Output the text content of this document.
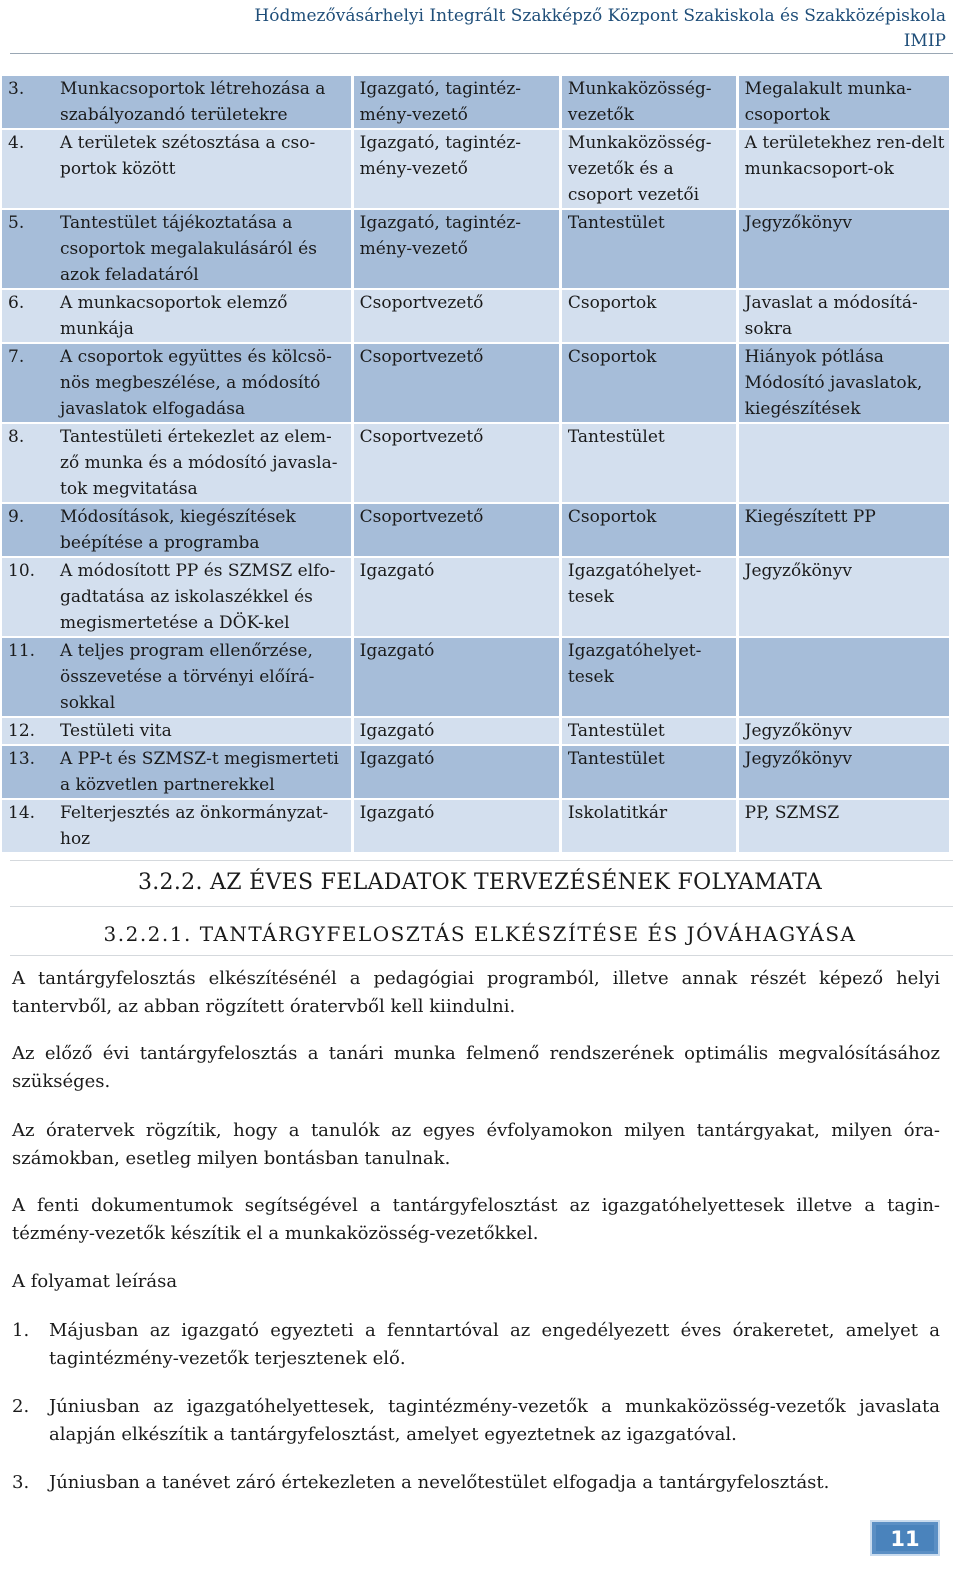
Hódmezővásárhelyi Integrált Szakképző Központ Szakiskola és Szakközépiskola
IMIP
3. Munkacsoportok létrehozása a szabályozandó területekre	Igazgató, tagintéz-mény-vezető	Munkaközösség-vezetők	Megalakult munka-csoportok

4. A területek szétosztása a cso-portok között	Igazgató, tagintéz-mény-vezető	Munkaközösség-vezetők és a csoport vezetői	A területekhez ren-delt munkacsoport-ok

5. Tantestület tájékoztatása a csoportok megalakulásáról és azok feladatáról	Igazgató, tagintéz-mény-vezető	Tantestület	Jegyzőkönyv

6. A munkacsoportok elemző munkája	Csoportvezető	Csoportok	Javaslat a módosítá-sokra

7. A csoportok együttes és kölcsö-nös megbeszélése, a módosító javaslatok elfogadása	Csoportvezető	Csoportok	Hiányok pótlása Módosító javaslatok, kiegészítések

8. Tantestületi értekezlet az elem-ző munka és a módosító javasla-tok megvitatása	Csoportvezető	Tantestület	

9. Módosítások, kiegészítések beépítése a programba	Csoportvezető	Csoportok	Kiegészített PP

10. A módosított PP és SZMSZ elfo-gadtatása az iskolaszékkel és megismertetése a DÖK-kel	Igazgató	Igazgatóhelyet-tesek	Jegyzőkönyv

11. A teljes program ellenőrzése, összevetése a törvényi előírá-sokkal	Igazgató	Igazgatóhelyet-tesek	

12. Testületi vita	Igazgató	Tantestület	Jegyzőkönyv

13. A PP-t és SZMSZ-t megismerteti a közvetlen partnerekkel	Igazgató	Tantestület	Jegyzőkönyv

14. Felterjesztés az önkormányzat-hoz	Igazgató	Iskolatitkár	PP, SZMSZ
3.2.2. AZ ÉVES FELADATOK TERVEZÉSÉNEK FOLYAMATA
3.2.2.1. TANTÁRGYFELOSZTÁS ELKÉSZÍTÉSE ÉS JÓVÁHAGYÁSA
A tantárgyfelosztás elkészítésénél a pedagógiai programból, illetve annak részét képező helyi tantervből, az abban rögzített óratervből kell kiindulni.
Az előző évi tantárgyfelosztás a tanári munka felmenő rendszerének optimális megvalósításához szükséges.
Az óratervek rögzítik, hogy a tanulók az egyes évfolyamokon milyen tantárgyakat, milyen óra-számokban, esetleg milyen bontásban tanulnak.
A fenti dokumentumok segítségével a tantárgyfelosztást az igazgatóhelyettesek illetve a tagin-tézmény-vezetők készítik el a munkaközösség-vezetőkkel.
A folyamat leírása
1.	Májusban az igazgató egyezteti a fenntartóval az engedélyezett éves órakeretet, amelyet a tagintézmény-vezetők terjesztenek elő.
2.	Júniusban az igazgatóhelyettesek, tagintézmény-vezetők a munkaközösség-vezetők javaslata alapján elkészítik a tantárgyfelosztást, amelyet egyeztetnek az igazgatóval.
3.	Júniusban a tanévet záró értekezleten a nevelőtestület elfogadja a tantárgyfelosztást.
11
